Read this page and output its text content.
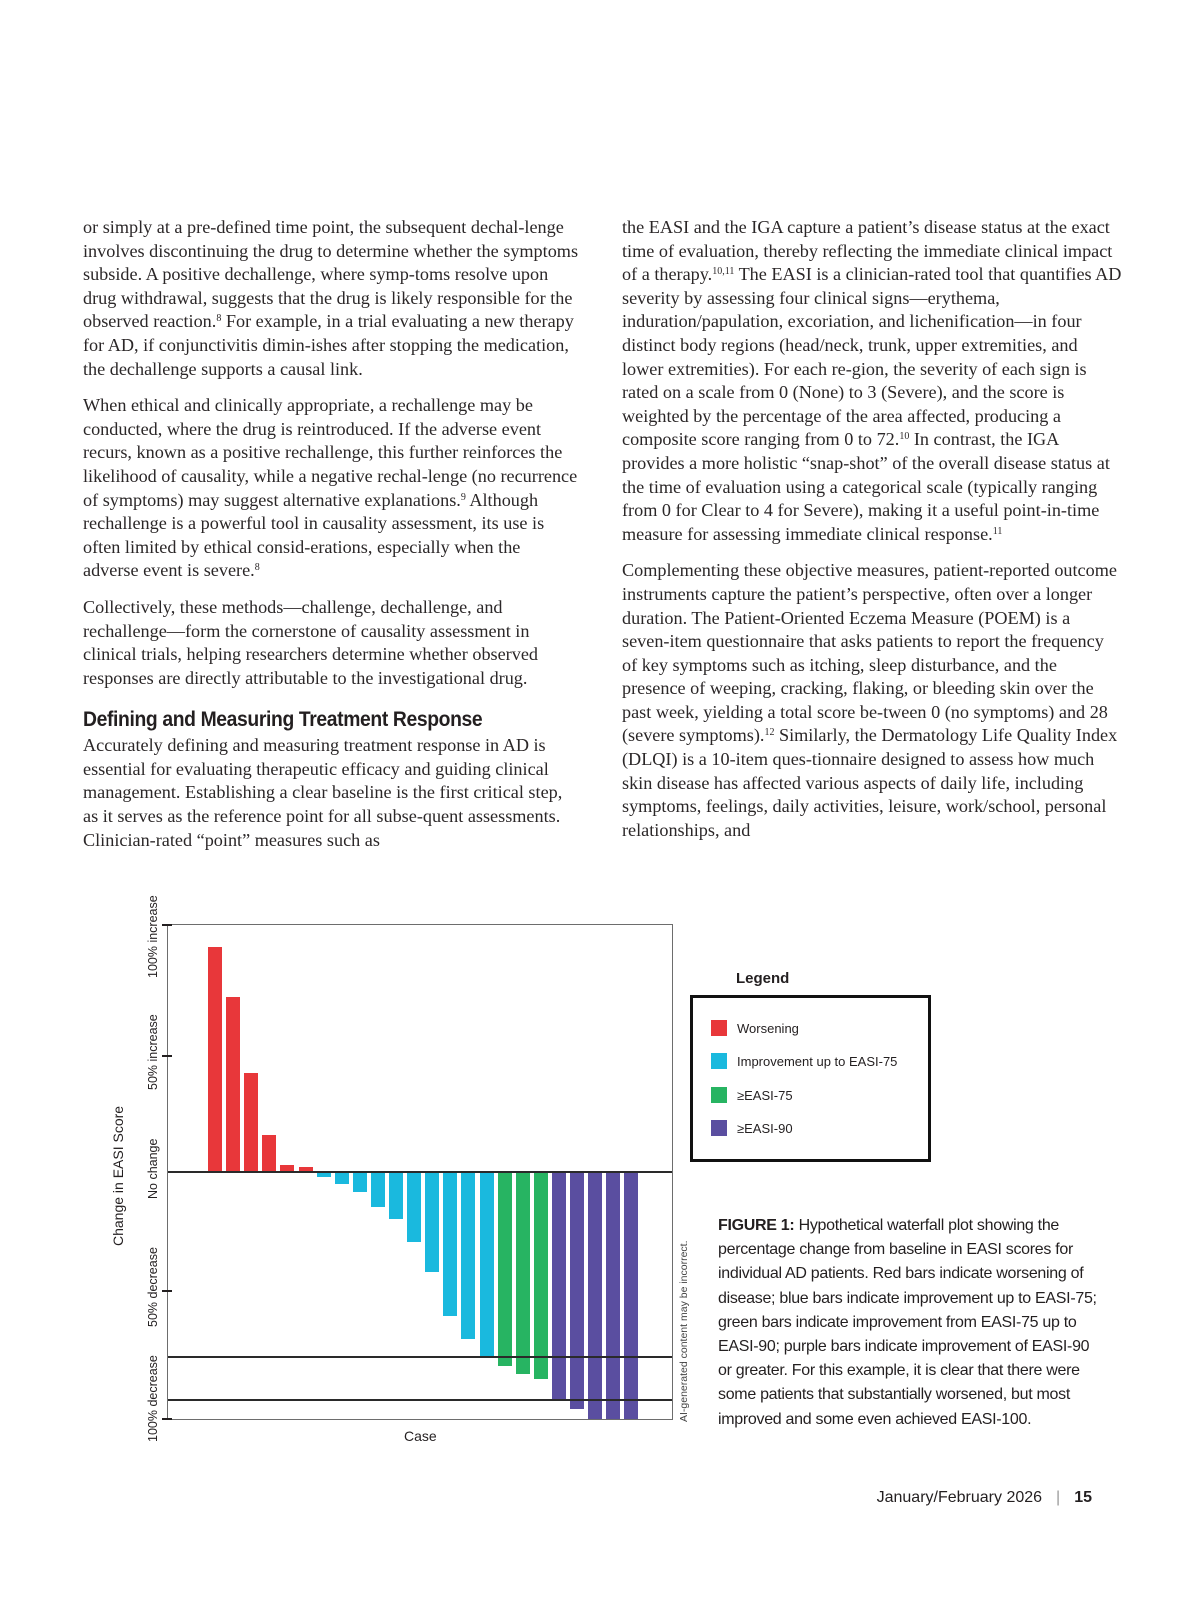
or simply at a pre-defined time point, the subsequent dechal-lenge involves discontinuing the drug to determine whether the symptoms subside. A positive dechallenge, where symp-toms resolve upon drug withdrawal, suggests that the drug is likely responsible for the observed reaction.$^8$ For example, in a trial evaluating a new therapy for AD, if conjunctivitis dimin-ishes after stopping the medication, the dechallenge supports a causal link.

When ethical and clinically appropriate, a rechallenge may be conducted, where the drug is reintroduced. If the adverse event recurs, known as a positive rechallenge, this further reinforces the likelihood of causality, while a negative rechal-lenge (no recurrence of symptoms) may suggest alternative explanations.$^9$ Although rechallenge is a powerful tool in causality assessment, its use is often limited by ethical consid-erations, especially when the adverse event is severe.$^8$

Collectively, these methods—challenge, dechallenge, and rechallenge—form the cornerstone of causality assessment in clinical trials, helping researchers determine whether observed responses are directly attributable to the investigational drug.

Defining and Measuring Treatment Response

Accurately defining and measuring treatment response in AD is essential for evaluating therapeutic efficacy and guiding clinical management. Establishing a clear baseline is the first critical step, as it serves as the reference point for all subse-quent assessments. Clinician-rated “point” measures such as

the EASI and the IGA capture a patient’s disease status at the exact time of evaluation, thereby reflecting the immediate clinical impact of a therapy.$^{10,11}$ The EASI is a clinician-rated tool that quantifies AD severity by assessing four clinical signs—erythema, induration/papulation, excoriation, and lichenification—in four distinct body regions (head/neck, trunk, upper extremities, and lower extremities). For each re-gion, the severity of each sign is rated on a scale from 0 (None) to 3 (Severe), and the score is weighted by the percentage of the area affected, producing a composite score ranging from 0 to 72.10 In contrast, the IGA provides a more holistic “snap-shot” of the overall disease status at the time of evaluation using a categorical scale (typically ranging from 0 for Clear to 4 for Severe), making it a useful point-in-time measure for assessing immediate clinical response.$^{11}$

Complementing these objective measures, patient-reported outcome instruments capture the patient’s perspective, often over a longer duration. The Patient-Oriented Eczema Measure (POEM) is a seven-item questionnaire that asks patients to report the frequency of key symptoms such as itching, sleep disturbance, and the presence of weeping, cracking, flaking, or bleeding skin over the past week, yielding a total score be-tween 0 (no symptoms) and 28 (severe symptoms).$^{12}$ Similarly, the Dermatology Life Quality Index (DLQI) is a 10-item ques-tionnaire designed to assess how much skin disease has affected various aspects of daily life, including symptoms, feelings, daily activities, leisure, work/school, personal relationships, and

Change in EASI Score
100% increase
50% increase
No change
50% decrease
100% decrease	Case
AI-generated content may be incorrect.
Legend
Worsening
Improvement up to EASI-75
≥EASI-75
≥EASI-90
FIGURE 1: Hypothetical waterfall plot showing the percentage change from baseline in EASI scores for individual AD patients. Red bars indicate worsening of disease; blue bars indicate improvement up to EASI-75; green bars indicate improvement from EASI-75 up to EASI-90; purple bars indicate improvement of EASI-90 or greater. For this example, it is clear that there were some patients that substantially worsened, but most improved and some even achieved EASI-100.
January/February 2026 | 15
